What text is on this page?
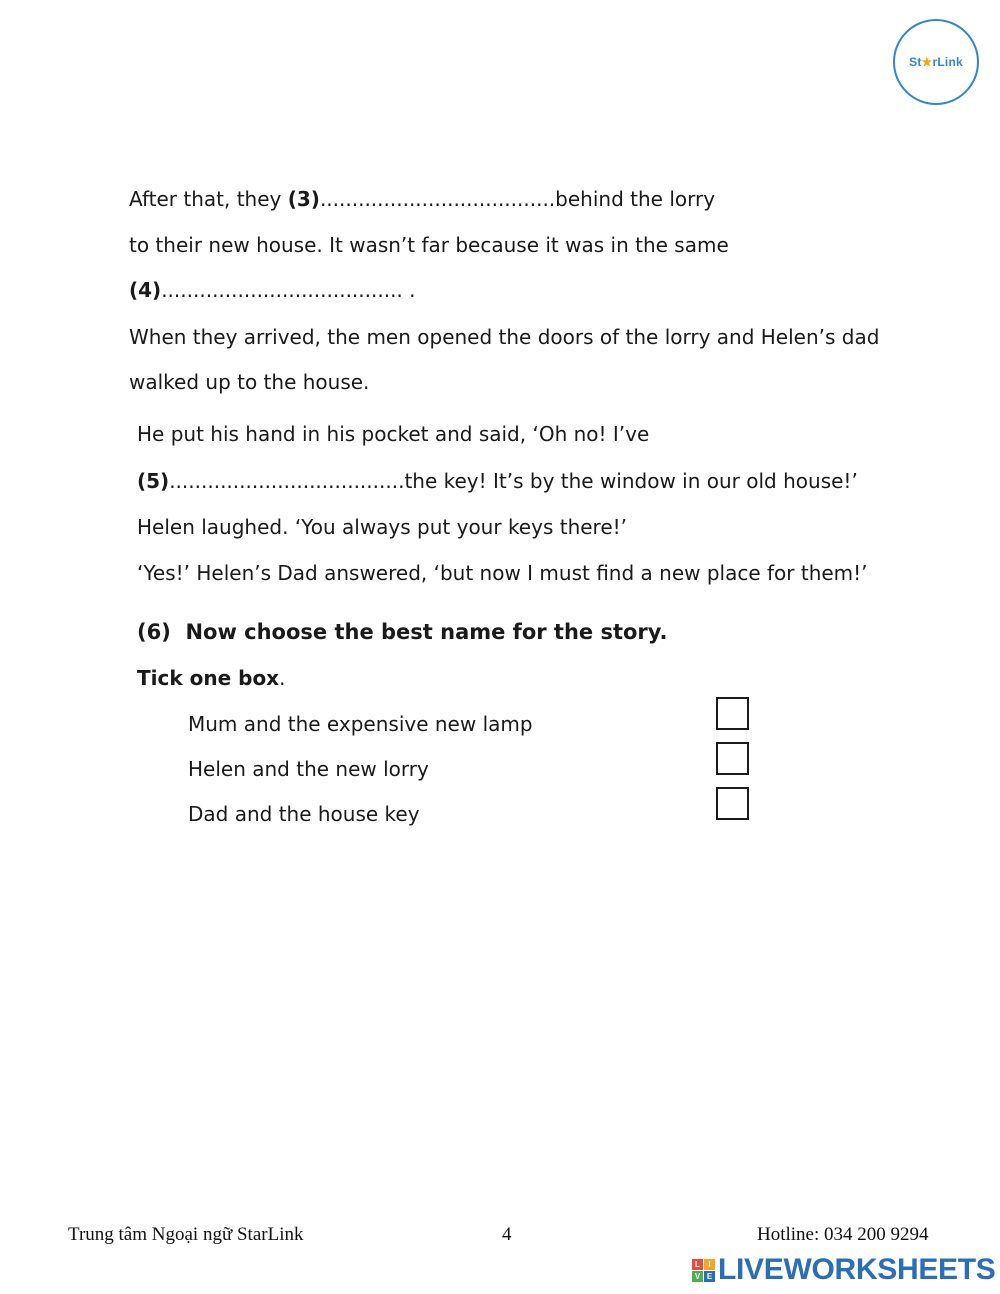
St ★ rLink
After that, they (3).....................................behind the lorry
to their new house. It wasn’t far because it was in the same
(4)...................................... .
When they arrived, the men opened the doors of the lorry and Helen’s dad
walked up to the house.
He put his hand in his pocket and said, ‘Oh no! I’ve
(5).....................................the key! It’s by the window in our old house!’
Helen laughed. ‘You always put your keys there!’
‘Yes!’ Helen’s Dad answered, ‘but now I must find a new place for them!’
(6) Now choose the best name for the story.
Tick one box.
Mum and the expensive new lamp
Helen and the new lorry
Dad and the house key
Trung tâm Ngoại ngữ StarLink	4	Hotline: 034 200 9294
L	I
V E LIVEWORKSHEETS
